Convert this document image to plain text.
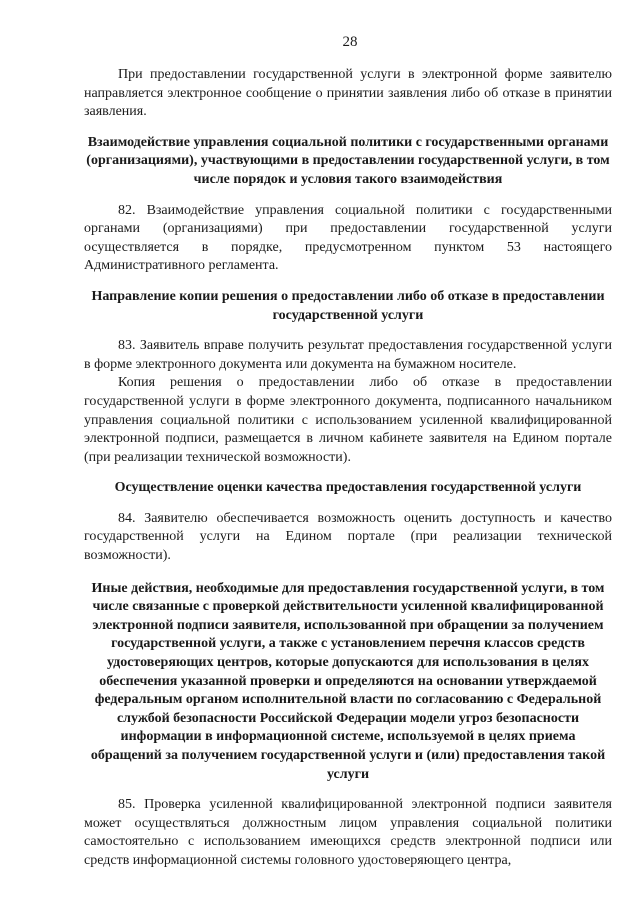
28

При предоставлении государственной услуги в электронной форме заявителю направляется электронное сообщение о принятии заявления либо об отказе в принятии заявления.

Взаимодействие управления социальной политики с государственными органами (организациями), участвующими в предоставлении государственной услуги, в том числе порядок и условия такого взаимодействия

82. Взаимодействие управления социальной политики с государственными органами (организациями) при предоставлении государственной услуги осуществляется в порядке, предусмотренном пунктом 53 настоящего Административного регламента.

Направление копии решения о предоставлении либо об отказе в предоставлении государственной услуги

83. Заявитель вправе получить результат предоставления государственной услуги в форме электронного документа или документа на бумажном носителе.

Копия решения о предоставлении либо об отказе в предоставлении государственной услуги в форме электронного документа, подписанного начальником управления социальной политики с использованием усиленной квалифицированной электронной подписи, размещается в личном кабинете заявителя на Едином портале (при реализации технической возможности).

Осуществление оценки качества предоставления государственной услуги

84. Заявителю обеспечивается возможность оценить доступность и качество государственной услуги на Едином портале (при реализации технической возможности).

Иные действия, необходимые для предоставления государственной услуги, в том числе связанные с проверкой действительности усиленной квалифицированной электронной подписи заявителя, использованной при обращении за получением государственной услуги, а также с установлением перечня классов средств удостоверяющих центров, которые допускаются для использования в целях обеспечения указанной проверки и определяются на основании утверждаемой федеральным органом исполнительной власти по согласованию с Федеральной службой безопасности Российской Федерации модели угроз безопасности информации в информационной системе, используемой в целях приема обращений за получением государственной услуги и (или) предоставления такой услуги

85. Проверка усиленной квалифицированной электронной подписи заявителя может осуществляться должностным лицом управления социальной политики самостоятельно с использованием имеющихся средств электронной подписи или средств информационной системы головного удостоверяющего центра,
